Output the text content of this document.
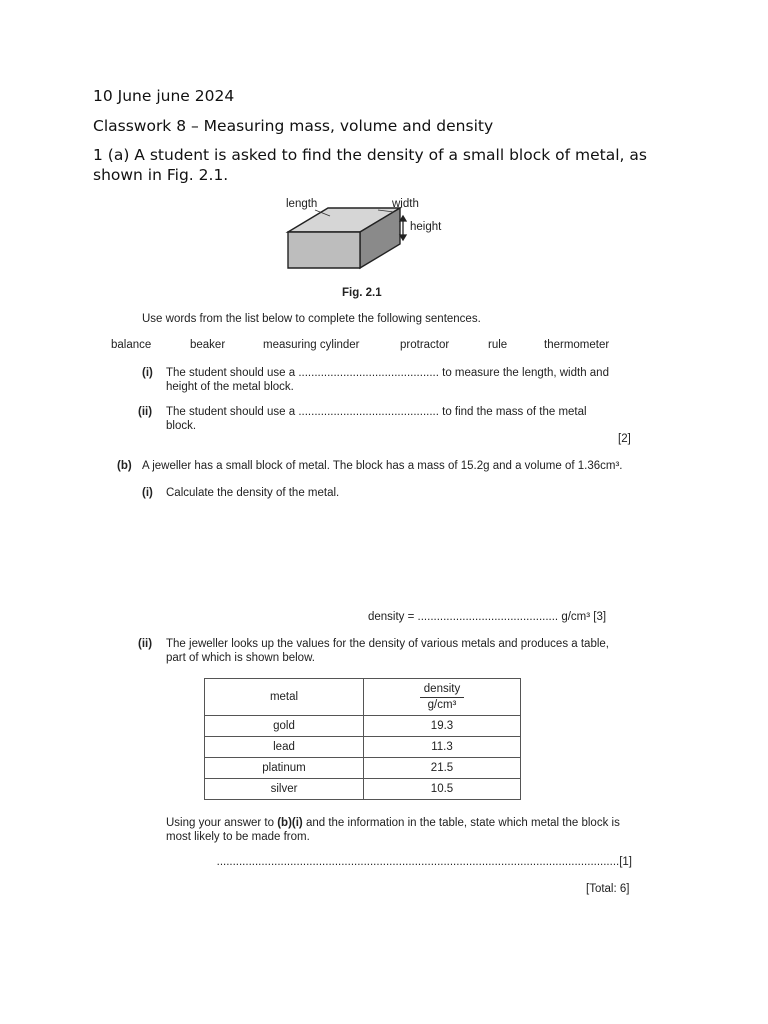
10 June june 2024
Classwork 8 – Measuring mass, volume and density
1 (a) A student is asked to find the density of a small block of metal, as
shown in Fig. 2.1.
length	width
height
Fig. 2.1
Use words from the list below to complete the following sentences.
balance	beaker	measuring cylinder	protractor	rule	thermometer
(i) The student should use a ............................................ to measure the length, width and
height of the metal block.
(ii) The student should use a ............................................ to find the mass of the metal
block.
[2]
(b) A jeweller has a small block of metal. The block has a mass of 15.2g and a volume of 1.36cm³.
(i) Calculate the density of the metal.
density = ............................................ g/cm³ [3]
(ii) The jeweller looks up the values for the density of various metals and produces a table,
part of which is shown below.
metal	$\frac{\text{density}}{\text{g/cm³}}$

gold	19.3
lead	11.3
platinum	21.5
silver	10.5
Using your answer to (b)(i) and the information in the table, state which metal the block is
most likely to be made from.
..............................................................................................................................[1]
[Total: 6]
